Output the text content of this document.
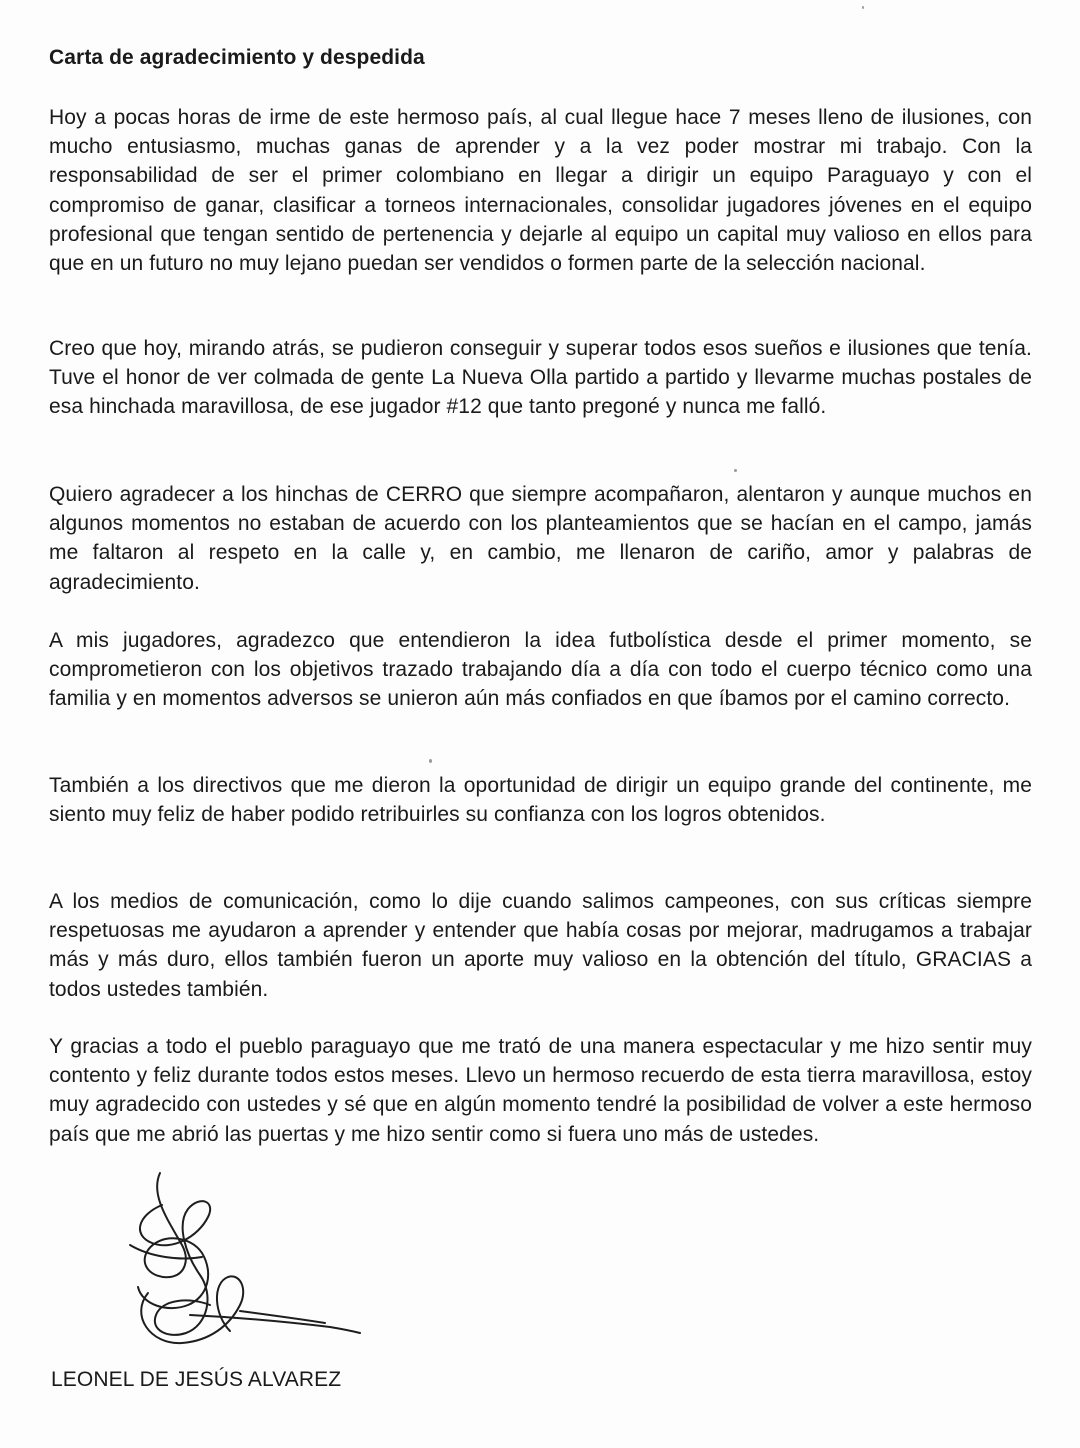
Carta de agradecimiento y despedida
Hoy a pocas horas de irme de este hermoso país, al cual llegue hace 7 meses lleno de ilusiones, con mucho entusiasmo, muchas ganas de aprender y a la vez poder mostrar mi trabajo. Con la responsabilidad de ser el primer colombiano en llegar a dirigir un equipo Paraguayo y con el compromiso de ganar, clasificar a torneos internacionales, consolidar jugadores jóvenes en el equipo profesional que tengan sentido de pertenencia y dejarle al equipo un capital muy valioso en ellos para que en un futuro no muy lejano puedan ser vendidos o formen parte de la selección nacional.
Creo que hoy, mirando atrás, se pudieron conseguir y superar todos esos sueños e ilusiones que tenía. Tuve el honor de ver colmada de gente La Nueva Olla partido a partido y llevarme muchas postales de esa hinchada maravillosa, de ese jugador #12 que tanto pregoné y nunca me falló.
Quiero agradecer a los hinchas de CERRO que siempre acompañaron, alentaron y aunque muchos en algunos momentos no estaban de acuerdo con los planteamientos que se hacían en el campo, jamás me faltaron al respeto en la calle y, en cambio, me llenaron de cariño, amor y palabras de agradecimiento.
A mis jugadores, agradezco que entendieron la idea futbolística desde el primer momento, se comprometieron con los objetivos trazado trabajando día a día con todo el cuerpo técnico como una familia y en momentos adversos se unieron aún más confiados en que íbamos por el camino correcto.
También a los directivos que me dieron la oportunidad de dirigir un equipo grande del continente, me siento muy feliz de haber podido retribuirles su confianza con los logros obtenidos.
A los medios de comunicación, como lo dije cuando salimos campeones, con sus críticas siempre respetuosas me ayudaron a aprender y entender que había cosas por mejorar, madrugamos a trabajar más y más duro, ellos también fueron un aporte muy valioso en la obtención del título, GRACIAS a todos ustedes también.
Y gracias a todo el pueblo paraguayo que me trató de una manera espectacular y me hizo sentir muy contento y feliz durante todos estos meses. Llevo un hermoso recuerdo de esta tierra maravillosa, estoy muy agradecido con ustedes y sé que en algún momento tendré la posibilidad de volver a este hermoso país que me abrió las puertas y me hizo sentir como si fuera uno más de ustedes.
LEONEL DE JESÚS ALVAREZ
